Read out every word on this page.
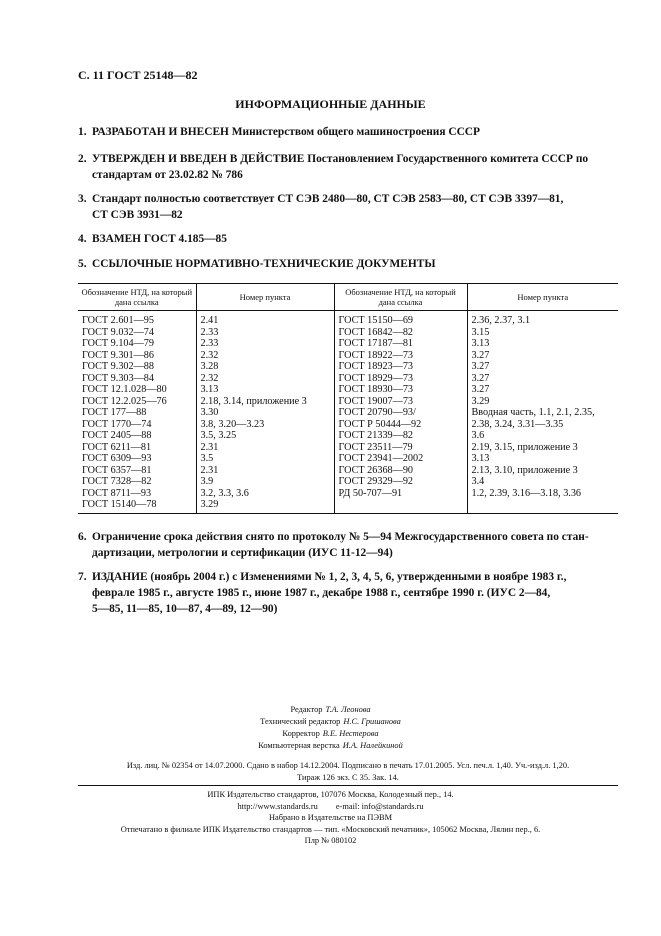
С. 11 ГОСТ 25148—82
ИНФОРМАЦИОННЫЕ ДАННЫЕ
1. РАЗРАБОТАН И ВНЕСЕН Министерством общего машиностроения СССР
2. УТВЕРЖДЕН И ВВЕДЕН В ДЕЙСТВИЕ Постановлением Государственного комитета СССР по
стандартам от 23.02.82 № 786
3. Стандарт полностью соответствует СТ СЭВ 2480—80, СТ СЭВ 2583—80, СТ СЭВ 3397—81,
СТ СЭВ 3931—82
4. ВЗАМЕН ГОСТ 4.185—85
5. ССЫЛОЧНЫЕ НОРМАТИВНО-ТЕХНИЧЕСКИЕ ДОКУМЕНТЫ
Обозначение НТД, на который дана ссылка	Номер пункта	Обозначение НТД, на который дана ссылка	Номер пункта
ГОСТ 2.601—95	2.41	ГОСТ 15150—69	2.36, 2.37, 3.1
ГОСТ 9.032—74	2.33	ГОСТ 16842—82	3.15
ГОСТ 9.104—79	2.33	ГОСТ 17187—81	3.13
ГОСТ 9.301—86	2.32	ГОСТ 18922—73	3.27
ГОСТ 9.302—88	3.28	ГОСТ 18923—73	3.27
ГОСТ 9.303—84	2.32	ГОСТ 18929—73	3.27
ГОСТ 12.1.028—80	3.13	ГОСТ 18930—73	3.27
ГОСТ 12.2.025—76	2.18, 3.14, приложение 3	ГОСТ 19007—73	3.29
ГОСТ 177—88	3.30	ГОСТ 20790—93/	Вводная часть, 1.1, 2.1, 2.35,
ГОСТ 1770—74	3.8, 3.20—3.23	ГОСТ Р 50444—92	2.38, 3.24, 3.31—3.35
ГОСТ 2405—88	3.5, 3.25	ГОСТ 21339—82	3.6
ГОСТ 6211—81	2.31	ГОСТ 23511—79	2.19, 3.15, приложение 3
ГОСТ 6309—93	3.5	ГОСТ 23941—2002	3.13
ГОСТ 6357—81	2.31	ГОСТ 26368—90	2.13, 3.10, приложение 3
ГОСТ 7328—82	3.9	ГОСТ 29329—92	3.4
ГОСТ 8711—93	3.2, 3.3, 3.6	РД 50-707—91	1.2, 2.39, 3.16—3.18, 3.36
ГОСТ 15140—78	3.29		
6. Ограничение срока действия снято по протоколу № 5—94 Межгосударственного совета по стан-
дартизации, метрологии и сертификации (ИУС 11-12—94)
7. ИЗДАНИЕ (ноябрь 2004 г.) с Изменениями № 1, 2, 3, 4, 5, 6, утвержденными в ноябре 1983 г.,
феврале 1985 г., августе 1985 г., июне 1987 г., декабре 1988 г., сентябре 1990 г. (ИУС 2—84,
5—85, 11—85, 10—87, 4—89, 12—90)
Редактор Т.А. Леонова
Технический редактор Н.С. Гришанова
Корректор В.Е. Нестерова
Компьютерная верстка И.А. Налейкиной
Изд. лиц. № 02354 от 14.07.2000. Сдано в набор 14.12.2004. Подписано в печать 17.01.2005. Усл. печ.л. 1,40. Уч.-изд.л. 1,20.
Тираж 126 экз. С 35. Зак. 14.
ИПК Издательство стандартов, 107076 Москва, Колодезный пер., 14.
http://www.standards.ru e-mail: info@standards.ru
Набрано в Издательстве на ПЭВМ
Отпечатано в филиале ИПК Издательство стандартов — тип. «Московский печатник», 105062 Москва, Лялин пер., 6.
Плр № 080102
